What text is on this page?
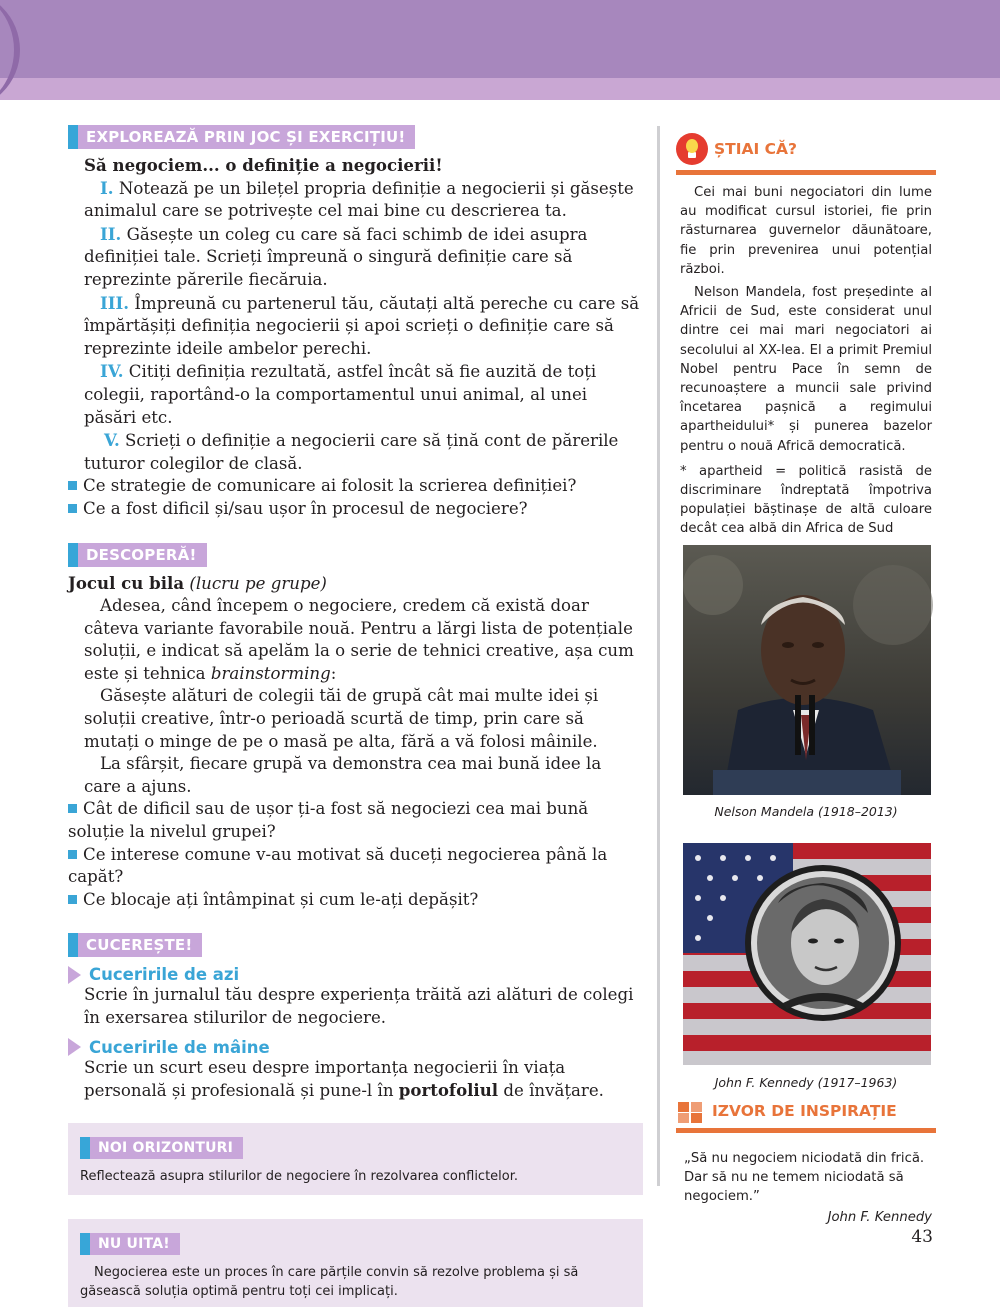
EXPLOREAZĂ PRIN JOC ȘI EXERCIȚIU!
Să negociem... o definiție a negocierii!
I. Notează pe un bilețel propria definiție a negocierii și găsește animalul care se potrivește cel mai bine cu descrierea ta.
II. Găsește un coleg cu care să faci schimb de idei asupra definiției tale. Scrieți împreună o singură definiție care să reprezinte părerile fiecăruia.
III. Împreună cu partenerul tău, căutați altă pereche cu care să împărtășiți definiția negocierii și apoi scrieți o definiție care să reprezinte ideile ambelor perechi.
IV. Citiți definiția rezultată, astfel încât să fie auzită de toți colegii, raportând-o la comportamentul unui animal, al unei păsări etc.
V. Scrieți o definiție a negocierii care să țină cont de părerile tuturor colegilor de clasă.
Ce strategie de comunicare ai folosit la scrierea definiției?
Ce a fost dificil și/sau ușor în procesul de negociere?
DESCOPERĂ!
Jocul cu bila (lucru pe grupe)
Adesea, când începem o negociere, credem că există doar câteva variante favorabile nouă. Pentru a lărgi lista de potențiale soluții, e indicat să apelăm la o serie de tehnici creative, așa cum este și tehnica brainstorming:
Găsește alături de colegii tăi de grupă cât mai multe idei și soluții creative, într-o perioadă scurtă de timp, prin care să mutați o minge de pe o masă pe alta, fără a vă folosi mâinile.
La sfârșit, fiecare grupă va demonstra cea mai bună idee la care a ajuns.
Cât de dificil sau de ușor ți-a fost să negociezi cea mai bună soluție la nivelul grupei?
Ce interese comune v-au motivat să duceți negocierea până la capăt?
Ce blocaje ați întâmpinat și cum le-ați depășit?
CUCEREȘTE!
Cuceririle de azi
Scrie în jurnalul tău despre experiența trăită azi alături de colegi în exersarea stilurilor de negociere.
Cuceririle de mâine
Scrie un scurt eseu despre importanța negocierii în viața personală și profesională și pune-l în portofoliul de învățare.
NOI ORIZONTURI
Reflectează asupra stilurilor de negociere în rezolvarea conflictelor.
NU UITA!
Negocierea este un proces în care părțile convin să rezolve problema și să găsească soluția optimă pentru toți cei implicați.
ȘTIAI CĂ?
Cei mai buni negociatori din lume au modificat cursul istoriei, fie prin răsturnarea guvernelor dăunătoare, fie prin prevenirea unui potențial război.
Nelson Mandela, fost președinte al Africii de Sud, este considerat unul dintre cei mai mari negociatori ai secolului al XX-lea. El a primit Premiul Nobel pentru Pace în semn de recunoaștere a muncii sale privind încetarea pașnică a regimului apartheidului* și punerea bazelor pentru o nouă Africă democratică.
* apartheid = politică rasistă de discriminare îndreptată împotriva populației băștinașe de altă culoare decât cea albă din Africa de Sud
Nelson Mandela (1918–2013)
John F. Kennedy (1917–1963)
IZVOR DE INSPIRAȚIE
„Să nu negociem niciodată din frică. Dar să nu ne temem niciodată să negociem.”
John F. Kennedy
43
